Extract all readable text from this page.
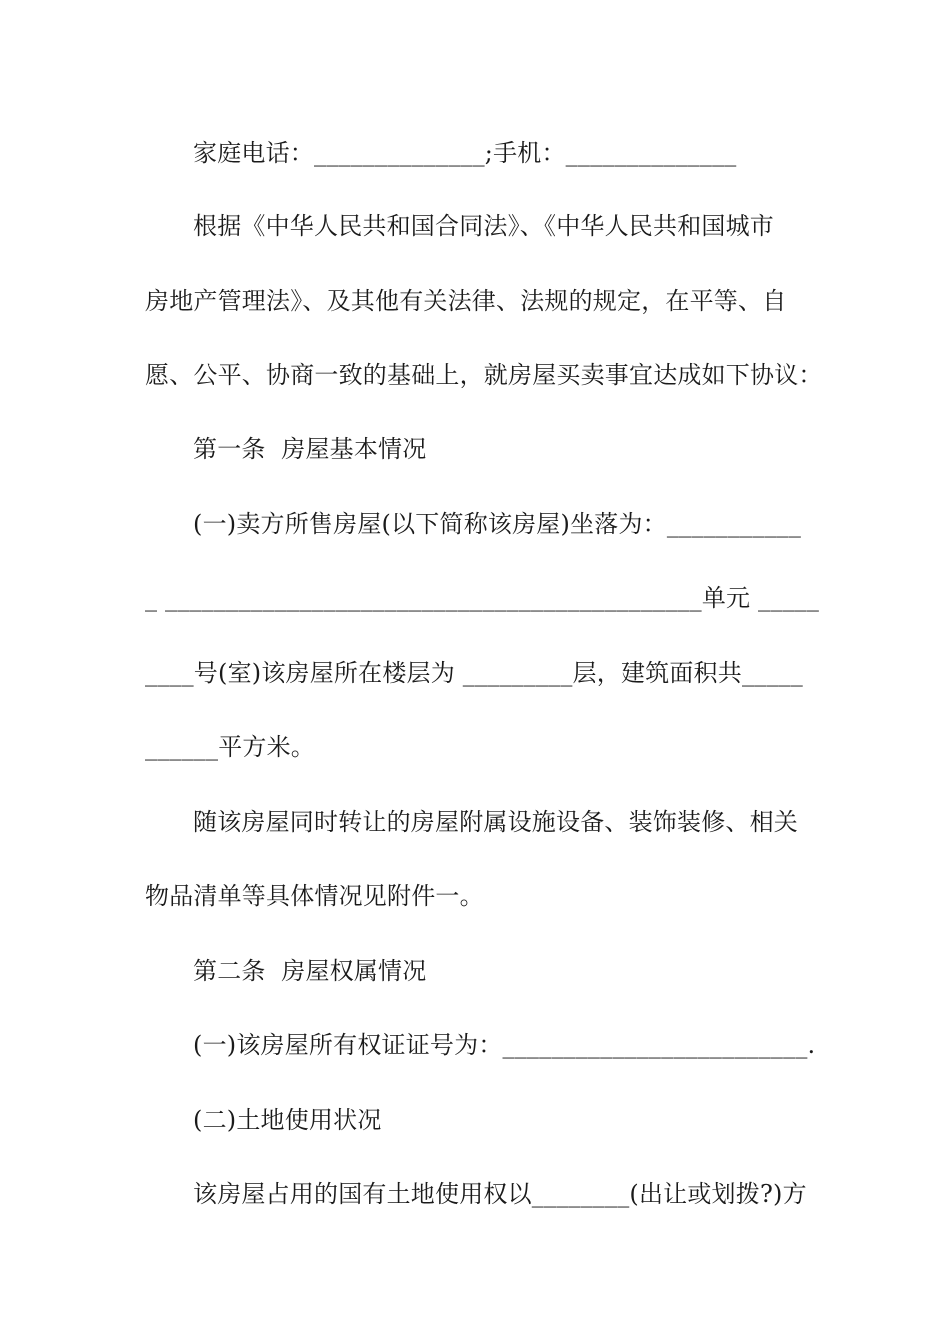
家庭电话：______________;手机：______________
根据《中华人民共和国合同法》、《中华人民共和国城市
房地产管理法》、及其他有关法律、法规的规定，在平等、自
愿、公平、协商一致的基础上，就房屋买卖事宜达成如下协议：
第一条  房屋基本情况
(一)卖方所售房屋(以下简称该房屋)坐落为：___________
_ ____________________________________________单元 _____
____号(室)该房屋所在楼层为 _________层，建筑面积共_____
______平方米。
随该房屋同时转让的房屋附属设施设备、装饰装修、相关
物品清单等具体情况见附件一。
第二条  房屋权属情况
(一)该房屋所有权证证号为：_________________________.
(二)土地使用状况
该房屋占用的国有土地使用权以________(出让或划拨?)方
